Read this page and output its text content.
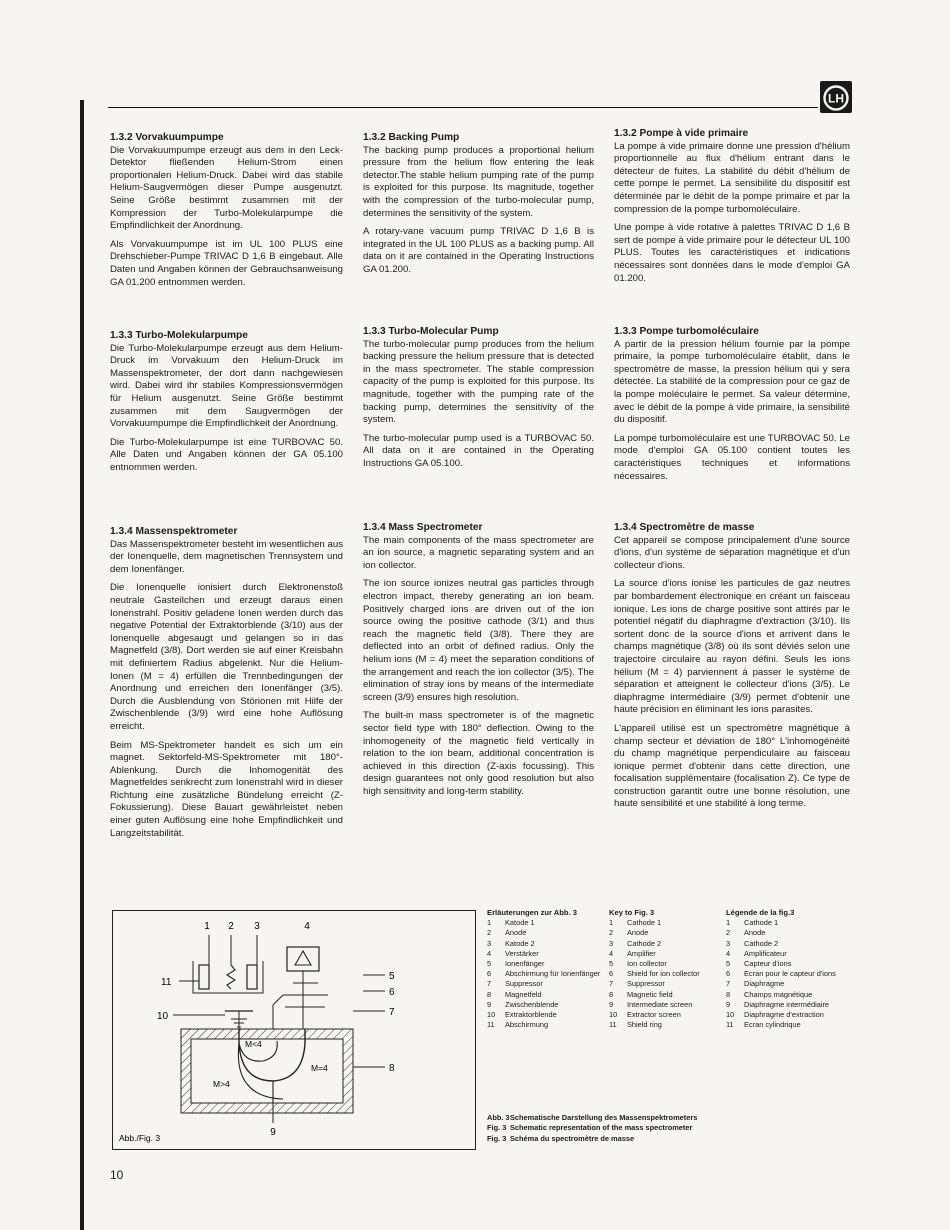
LH
1.3.2 Vorvakuumpumpe

Die Vorvakuumpumpe erzeugt aus dem in den Leck-Detektor fließenden Helium-Strom einen proportionalen Helium-Druck. Dabei wird das stabile Helium-Saugvermögen dieser Pumpe ausgenutzt. Seine Größe bestimmt zusammen mit der Kompression der Turbo-Molekularpumpe die Empfindlichkeit der Anordnung.

Als Vorvakuumpumpe ist im UL 100 PLUS eine Drehschieber-Pumpe TRIVAC D 1,6 B eingebaut. Alle Daten und Angaben können der Gebrauchsanweisung GA 01.200 entnommen werden.

1.3.3 Turbo-Molekularpumpe

Die Turbo-Molekularpumpe erzeugt aus dem Helium-Druck im Vorvakuum den Helium-Druck im Massenspektrometer, der dort dann nachgewiesen wird. Dabei wird ihr stabiles Kompressionsvermögen für Helium ausgenutzt. Seine Größe bestimmt zusammen mit dem Saugvermögen der Vorvakuumpumpe die Empfindlichkeit der Anordnung.

Die Turbo-Molekularpumpe ist eine TURBOVAC 50. Alle Daten und Angaben können der GA 05.100 entnommen werden.

1.3.4 Massenspektrometer

Das Massenspektrometer besteht im wesentlichen aus der Ionenquelle, dem magnetischen Trennsystem und dem Ionenfänger.

Die Ionenquelle ionisiert durch Elektronenstoß neutrale Gasteilchen und erzeugt daraus einen Ionenstrahl. Positiv geladene Ionen werden durch das negative Potential der Extraktorblende (3/10) aus der Ionenquelle abgesaugt und gelangen so in das Magnetfeld (3/8). Dort werden sie auf einer Kreisbahn mit definiertem Radius abgelenkt. Nur die Helium-Ionen (M = 4) erfüllen die Trennbedingungen der Anordnung und erreichen den Ionenfänger (3/5). Durch die Ausblendung von Störionen mit Hilfe der Zwischenblende (3/9) wird eine hohe Auflösung erreicht.

Beim MS-Spektrometer handelt es sich um ein magnet. Sektorfeld-MS-Spektrometer mit 180°-Ablenkung. Durch die Inhomogenität des Magnetfeldes senkrecht zum Ionenstrahl wird in dieser Richtung eine zusätzliche Bündelung erreicht (Z-Fokussierung). Diese Bauart gewährleistet neben einer guten Auflösung eine hohe Empfindlichkeit und Langzeitstabilität.

1.3.2 Backing Pump

The backing pump produces a proportional helium pressure from the helium flow entering the leak detector.The stable helium pumping rate of the pump is exploited for this purpose. Its magnitude, together with the compression of the turbo-molecular pump, determines the sensitivity of the system.

A rotary-vane vacuum pump TRIVAC D 1,6 B is integrated in the UL 100 PLUS as a backing pump. All data on it are contained in the Operating Instructions GA 01.200.

1.3.3 Turbo-Molecular Pump

The turbo-molecular pump produces from the helium backing pressure the helium pressure that is detected in the mass spectrometer. The stable compression capacity of the pump is exploited for this purpose. Its magnitude, together with the pumping rate of the backing pump, determines the sensitivity of the system.

The turbo-molecular pump used is a TURBOVAC 50. All data on it are contained in the Operating Instructions GA 05.100.

1.3.4 Mass Spectrometer

The main components of the mass spectrometer are an ion source, a magnetic separating system and an ion collector.

The ion source ionizes neutral gas particles through electron impact, thereby generating an ion beam. Positively charged ions are driven out of the ion source owing the positive cathode (3/1) and thus reach the magnetic field (3/8). There they are deflected into an orbit of defined radius. Only the helium ions (M = 4) meet the separation conditions of the arrangement and reach the ion collector (3/5). The elimination of stray ions by means of the intermediate screen (3/9) ensures high resolution.

The built-in mass spectrometer is of the magnetic sector field type with 180° deflection. Owing to the inhomogeneity of the magnetic field vertically in relation to the ion beam, additional concentration is achieved in this direction (Z-axis focussing). This design guarantees not only good resolution but also high sensitivity and long-term stability.

1.3.2 Pompe à vide primaire

La pompe à vide primaire donne une pression d'hélium proportionnelle au flux d'hélium entrant dans le détecteur de fuites. La stabilité du débit d'hélium de cette pompe le permet. La sensibilité du dispositif est déterminée par le débit de la pompe primaire et par la compression de la pompe turbomoléculaire.

Une pompe à vide rotative à palettes TRIVAC D 1,6 B sert de pompe à vide primaire pour le détecteur UL 100 PLUS. Toutes les caractéristiques et indications nécessaires sont données dans le mode d'emploi GA 01.200.

1.3.3 Pompe turbomoléculaire

A partir de la pression hélium fournie par la pompe primaire, la pompe turbomoléculaire établit, dans le spectromètre de masse, la pression hélium qui y sera détectée. La stabilité de la compression pour ce gaz de la pompe moléculaire le permet. Sa valeur détermine, avec le débit de la pompe à vide primaire, la sensibilité du dispositif.

La pompe turbomoléculaire est une TURBOVAC 50. Le mode d'emploi GA 05.100 contient toutes les caractéristiques techniques et informations nécessaires.

1.3.4 Spectromètre de masse

Cet appareil se compose principalement d'une source d'ions, d'un système de séparation magnétique et d'un collecteur d'ions.

La source d'ions ionise les particules de gaz neutres par bombardement électronique en créant un faisceau ionique. Les ions de charge positive sont attirés par le potentiel négatif du diaphragme d'extraction (3/10). Ils sortent donc de la source d'ions et arrivent dans le champs magnétique (3/8) où ils sont déviés selon une trajectoire circulaire au rayon défini. Seuls les ions hélium (M = 4) parviennent à passer le système de séparation et atteignent le collecteur d'ions (3/5). Le diaphragme intermédiaire (3/9) permet d'obtenir une haute précision en éliminant les ions parasites.

L'appareil utilisé est un spectromètre magnétique à champ secteur et déviation de 180° L'inhomogénéité du champ magnétique perpendiculaire au faisceau ionique permet d'obtenir dans cette direction, une focalisation supplémentaire (focalisation Z). Ce type de construction garantit outre une bonne résolution, une haute sensibilité et une stabilité à long terme.

1 2 3	4
5
6
7
8
9
10
11
M<4
M>4
M=4
Abb./Fig. 3
Erläuterungen zur Abb. 3
1	Katode 1
2	Anode
3	Katode 2
4	Verstärker
5	Ionenfänger
6	Abschirmung für Ionenfänger
7	Suppressor
8	Magnetfeld
9	Zwischenblende
10	Extraktorblende
11	Abschirmung
Key to Fig. 3
1	Cathode 1
2	Anode
3	Cathode 2
4	Amplifier
5	Ion collector
6	Shield for ion collector
7	Suppressor
8	Magnetic field
9	Intermediate screen
10	Extractor screen
11	Shield ring
Légende de la fig.3
1	Cathode 1
2	Anode
3	Cathode 2
4	Amplificateur
5	Capteur d'ions
6	Ecran pour le capteur d'ions
7	Diaphragme
8	Champs magnétique
9	Diaphragme intermédiaire
10	Diaphragme d'extraction
11	Ecran cylindrique
Abb. 3 Schematische Darstellung des Massenspektrometers
Fig. 3 Schematic representation of the mass spectrometer
Fig. 3 Schéma du spectromètre de masse
10
